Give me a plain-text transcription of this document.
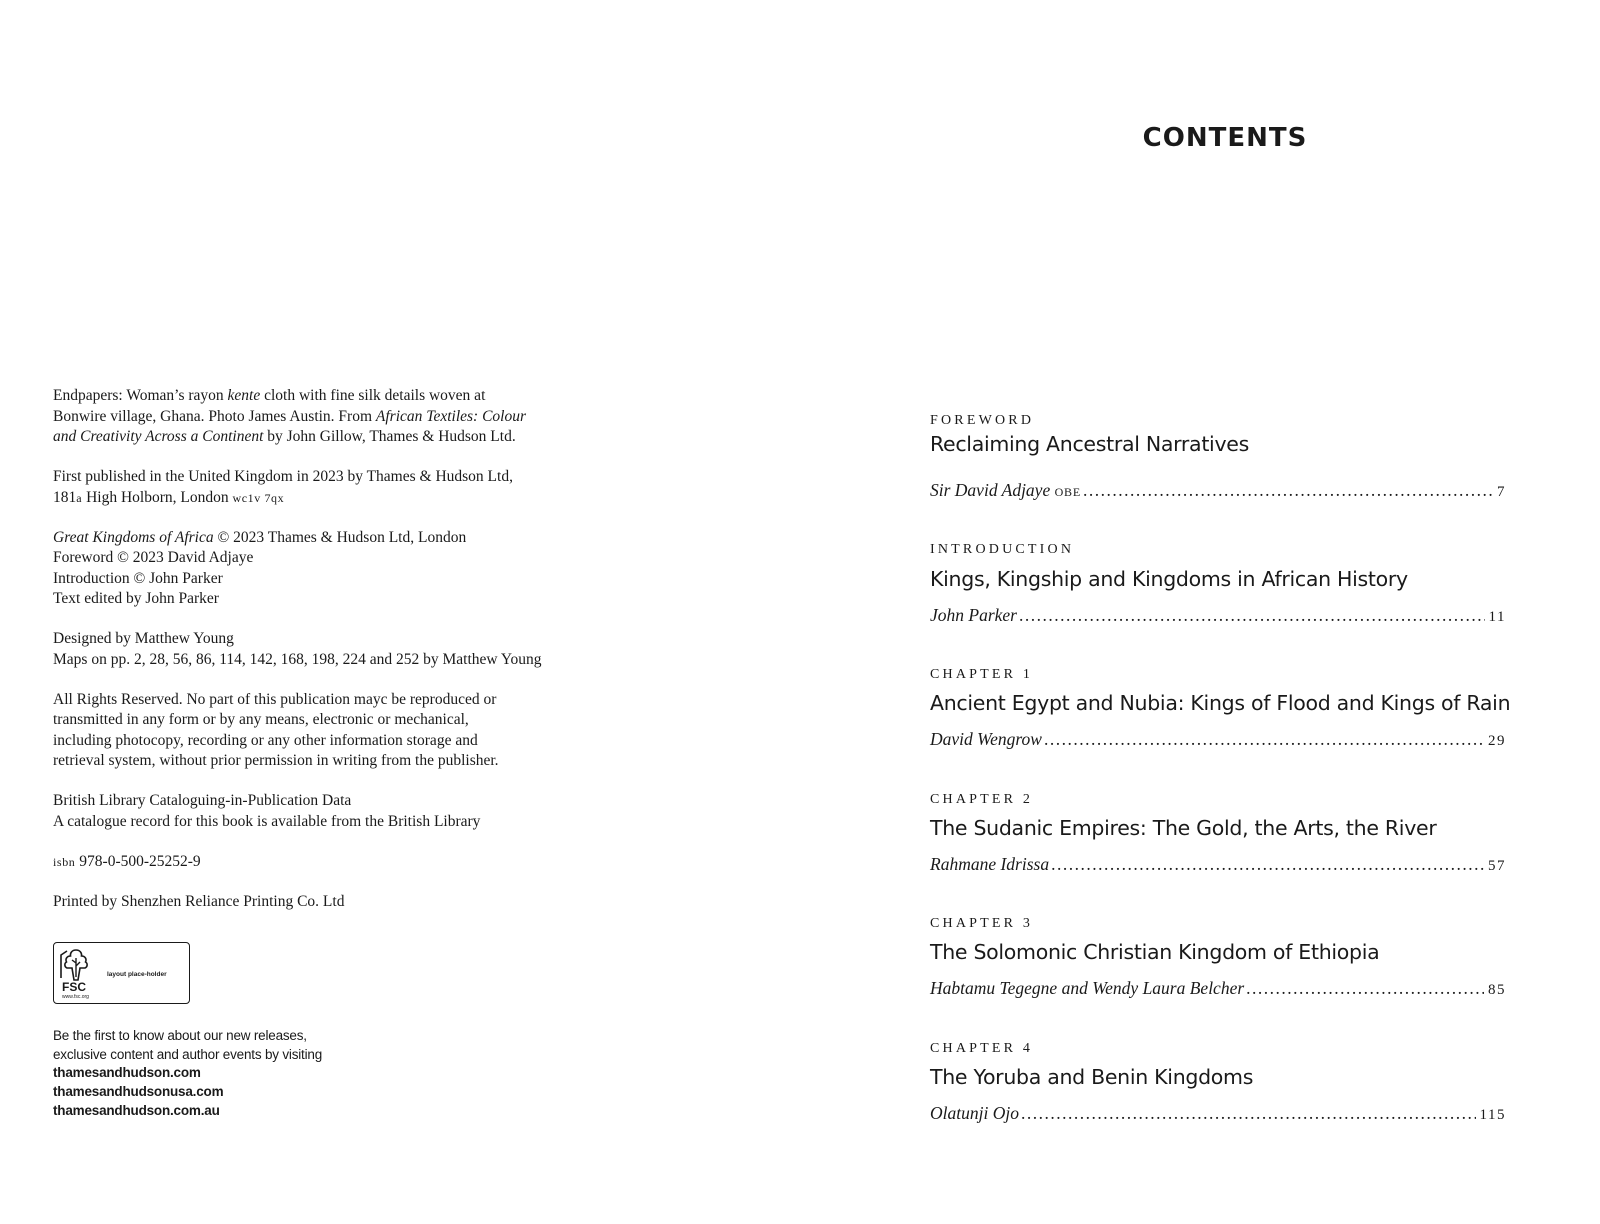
Endpapers: Woman’s rayon kente cloth with fine silk details woven at
Bonwire village, Ghana. Photo James Austin. From African Textiles: Colour
and Creativity Across a Continent by John Gillow, Thames & Hudson Ltd.
First published in the United Kingdom in 2023 by Thames & Hudson Ltd,
181a High Holborn, London wc1v 7qx
Great Kingdoms of Africa © 2023 Thames & Hudson Ltd, London
Foreword © 2023 David Adjaye
Introduction © John Parker
Text edited by John Parker
Designed by Matthew Young
Maps on pp. 2, 28, 56, 86, 114, 142, 168, 198, 224 and 252 by Matthew Young
All Rights Reserved. No part of this publication mayc be reproduced or
transmitted in any form or by any means, electronic or mechanical,
including photocopy, recording or any other information storage and
retrieval system, without prior permission in writing from the publisher.
British Library Cataloguing-in-Publication Data
A catalogue record for this book is available from the British Library
isbn 978-0-500-25252-9
Printed by Shenzhen Reliance Printing Co. Ltd
FSC
www.fsc.org
layout place-holder
Be the first to know about our new releases,
exclusive content and author events by visiting
thamesandhudson.com
thamesandhudsonusa.com
thamesandhudson.com.au
CONTENTS
FOREWORD
Reclaiming Ancestral Narratives
Sir David Adjaye OBE .....	7
INTRODUCTION
Kings, Kingship and Kingdoms in African History
John Parker .....	11
CHAPTER 1
Ancient Egypt and Nubia: Kings of Flood and Kings of Rain
David Wengrow .....	29
CHAPTER 2
The Sudanic Empires: The Gold, the Arts, the River
Rahmane Idrissa .....	57
CHAPTER 3
The Solomonic Christian Kingdom of Ethiopia
Habtamu Tegegne and Wendy Laura Belcher .....	85
CHAPTER 4
The Yoruba and Benin Kingdoms
Olatunji Ojo .....	115
